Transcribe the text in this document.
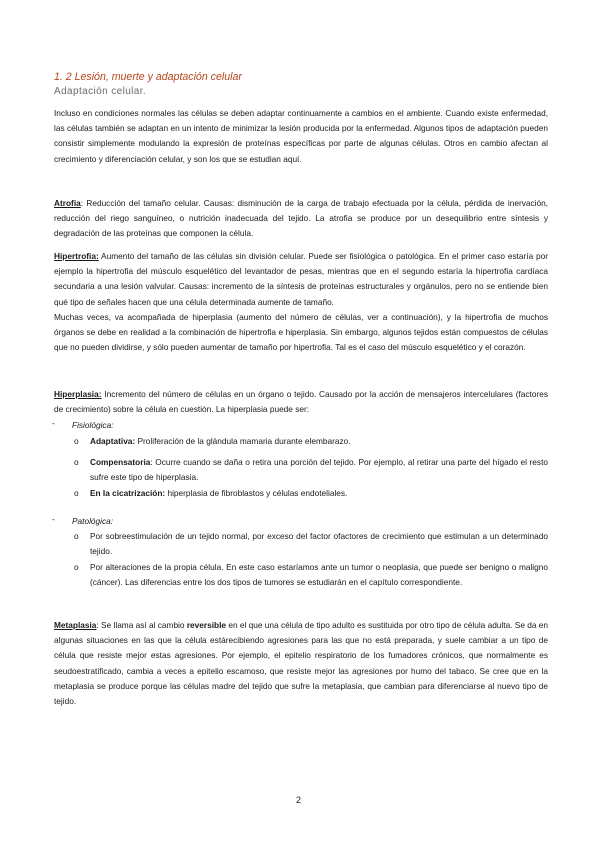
1. 2 Lesión, muerte y adaptación celular
Adaptación celular.
Incluso en condiciones normales las células se deben adaptar continuamente a cambios en el ambiente. Cuando existe enfermedad, las células también se adaptan en un intento de minimizar la lesión producida por la enfermedad. Algunos tipos de adaptación pueden consistir simplemente modulando la expresión de proteínas específicas por parte de algunas células. Otros en cambio afectan al crecimiento y diferenciación celular, y son los que se estudian aquí.
Atrofia: Reducción del tamaño celular. Causas: disminución de la carga de trabajo efectuada por la célula, pérdida de inervación, reducción del riego sanguíneo, o nutrición inadecuada del tejido. La atrofia se produce por un desequilibrio entre síntesis y degradación de las proteínas que componen la célula.
Hipertrofia: Aumento del tamaño de las células sin división celular. Puede ser fisiológica o patológica. En el primer caso estaría por ejemplo la hipertrofia del músculo esquelético del levantador de pesas, mientras que en el segundo estaría la hipertrofia cardíaca secundaria a una lesión valvular. Causas: incremento de la síntesis de proteínas estructurales y orgánulos, pero no se entiende bien qué tipo de señales hacen que una célula determinada aumente de tamaño.
Muchas veces, va acompañada de hiperplasia (aumento del número de células, ver a continuación), y la hipertrofia de muchos órganos se debe en realidad a la combinación de hipertrofia e hiperplasia. Sin embargo, algunos tejidos están compuestos de células que no pueden dividirse, y sólo pueden aumentar de tamaño por hipertrofia. Tal es el caso del músculo esquelético y el corazón.
Hiperplasia: Incremento del número de células en un órgano o tejido. Causado por la acción de mensajeros intercelulares (factores de crecimiento) sobre la célula en cuestión. La hiperplasia puede ser:
- Fisiológica:
o Adaptativa: Proliferación de la glándula mamaria durante elembarazo.
o Compensatoria: Ocurre cuando se daña o retira una porción del tejido. Por ejemplo, al retirar una parte del hígado el resto sufre este tipo de hiperplasia.
o En la cicatrización: hiperplasia de fibroblastos y células endoteliales.
- Patológica:
o Por sobreestimulación de un tejido normal, por exceso del factor ofactores de crecimiento que estimulan a un determinado tejido.
o Por alteraciones de la propia célula. En este caso estaríamos ante un tumor o neoplasia, que puede ser benigno o maligno (cáncer). Las diferencias entre los dos tipos de tumores se estudiarán en el capítulo correspondiente.
Metaplasia: Se llama así al cambio reversible en el que una célula de tipo adulto es sustituida por otro tipo de célula adulta. Se da en algunas situaciones en las que la célula estárecibiendo agresiones para las que no está preparada, y suele cambiar a un tipo de célula que resiste mejor estas agresiones. Por ejemplo, el epitelio respiratorio de los fumadores crónicos, que normalmente es seudoestratificado, cambia a veces a epitelio escamoso, que resiste mejor las agresiones por humo del tabaco. Se cree que en la metaplasia se produce porque las células madre del tejido que sufre la metaplasia, que cambian para diferenciarse al nuevo tipo de tejido.
2
